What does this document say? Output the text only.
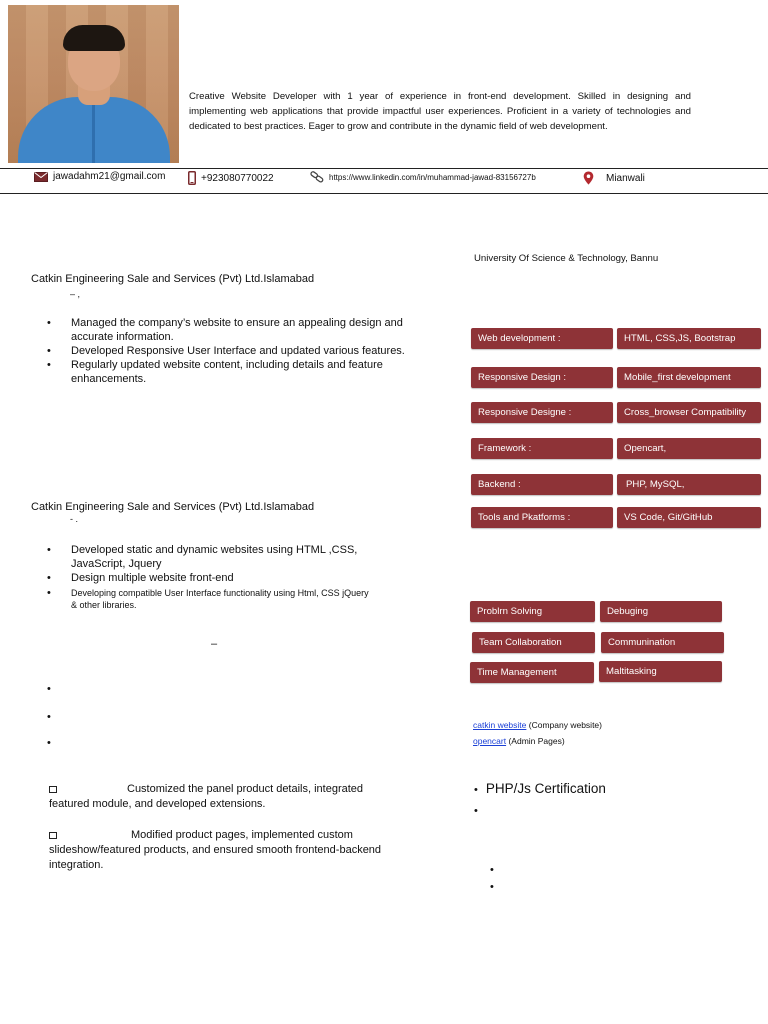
Creative Website Developer with 1 year of experience in front-end development. Skilled in designing and implementing web applications that provide impactful user experiences. Proficient in a variety of technologies and dedicated to best practices. Eager to grow and contribute in the dynamic field of web development.
jawadahm21@gmail.com	+923080770022	https://www.linkedin.com/in/muhammad-jawad-83156727b	Mianwali
University Of Science & Technology, Bannu
Catkin Engineering Sale and Services (Pvt) Ltd.Islamabad
– ,
• Managed the company’s website to ensure an appealing design and accurate information.
• Developed Responsive User Interface and updated various features.
• Regularly updated website content, including details and feature enhancements.
Catkin Engineering Sale and Services (Pvt) Ltd.Islamabad
- .
• Developed static and dynamic websites using HTML ,CSS, JavaScript, Jquery
• Design multiple website front-end
• Developing compatible User Interface functionality using Html, CSS jQuery & other libraries.
–
•
•
•
Customized the panel product details, integrated featured module, and developed extensions.
Modified product pages, implemented custom slideshow/featured products, and ensured smooth frontend-backend integration.
Web development :	HTML, CSS,JS, Bootstrap
Responsive Design :	Mobile_first development
Responsive Designe :	Cross_browser Compatibility
Framework :	Opencart,
Backend :	PHP, MySQL,
Tools and Pkatforms :	VS Code, Git/GitHub
Problrn Solving	Debuging
Team Collaboration	Communination
Time Management	Maltitasking
catkin website (Company website)
opencart (Admin Pages)
• PHP/Js Certification
•
•
•
